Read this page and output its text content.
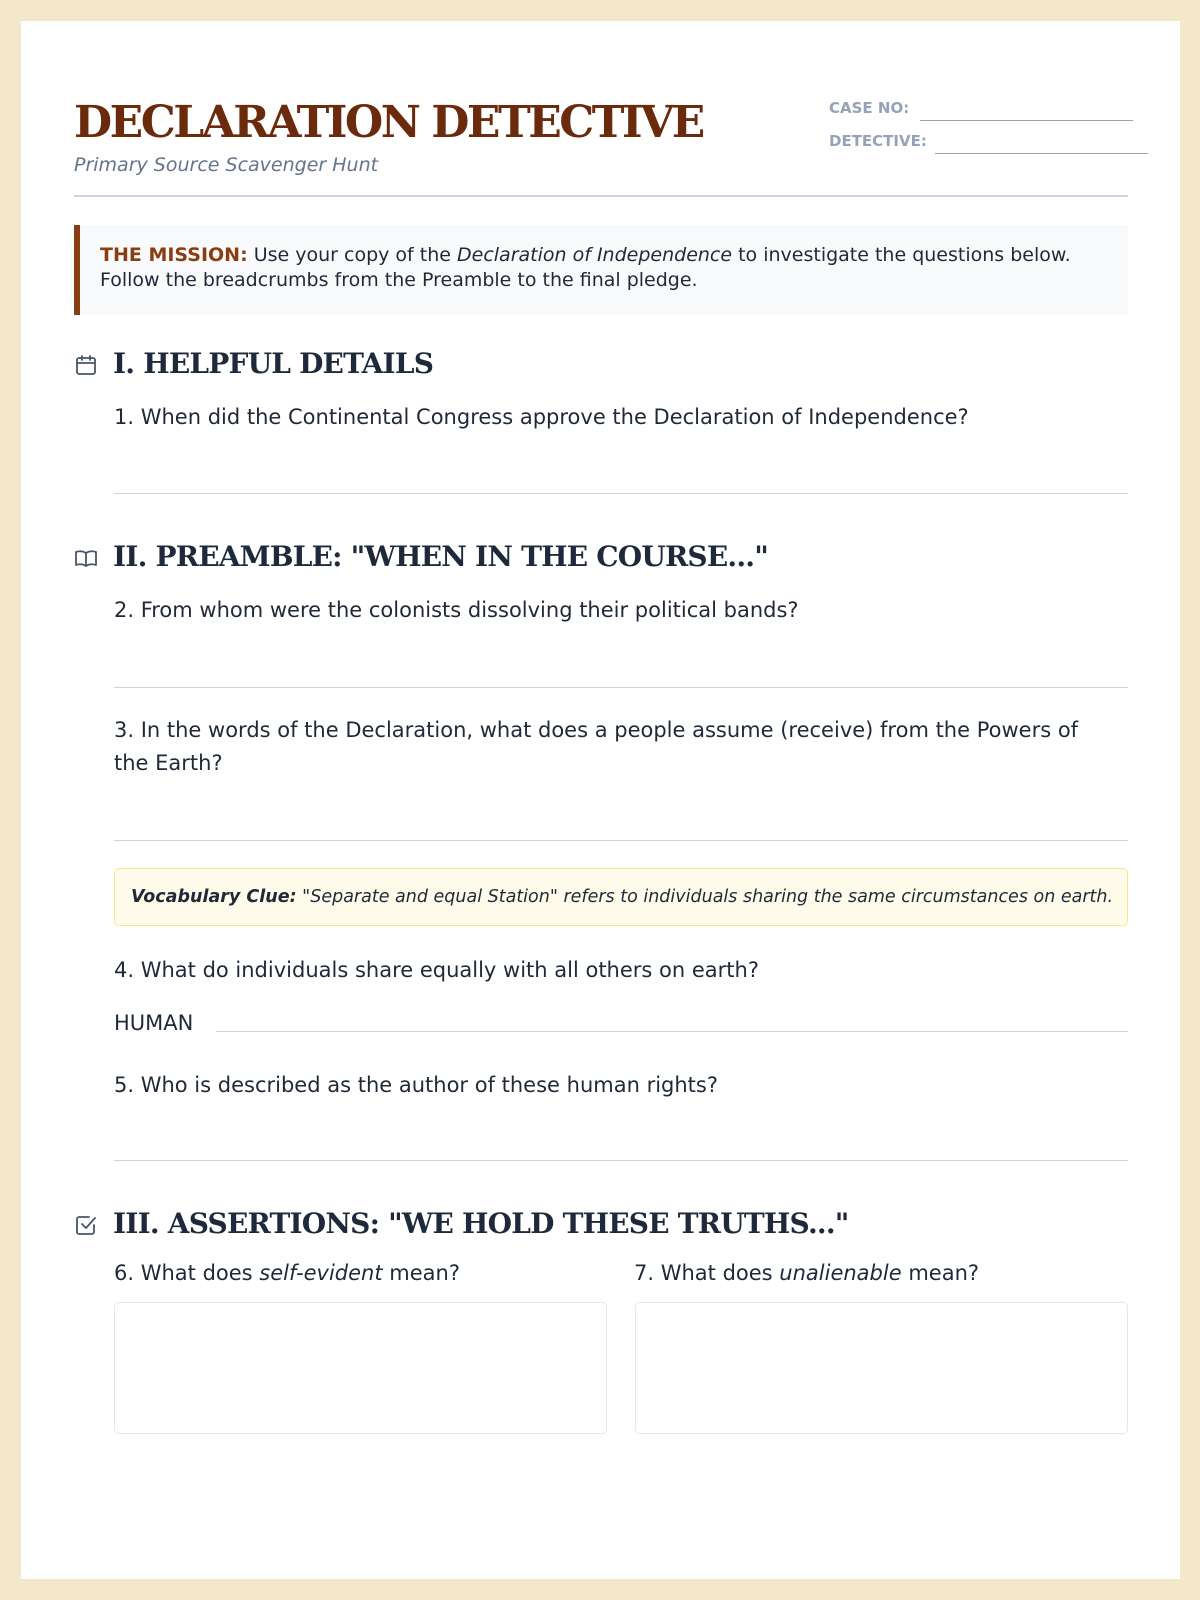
DECLARATION DETECTIVE
Primary Source Scavenger Hunt
CASE NO:
DETECTIVE:
THE MISSION: Use your copy of the Declaration of Independence to investigate the questions below.
Follow the breadcrumbs from the Preamble to the final pledge.
I. HELPFUL DETAILS
1. When did the Continental Congress approve the Declaration of Independence?
II. PREAMBLE: "WHEN IN THE COURSE..."
2. From whom were the colonists dissolving their political bands?
3. In the words of the Declaration, what does a people assume (receive) from the Powers of the Earth?
Vocabulary Clue: "Separate and equal Station" refers to individuals sharing the same circumstances on earth.
4. What do individuals share equally with all others on earth?
HUMAN
5. Who is described as the author of these human rights?
III. ASSERTIONS: "WE HOLD THESE TRUTHS..."
6. What does self-evident mean?	7. What does unalienable mean?
